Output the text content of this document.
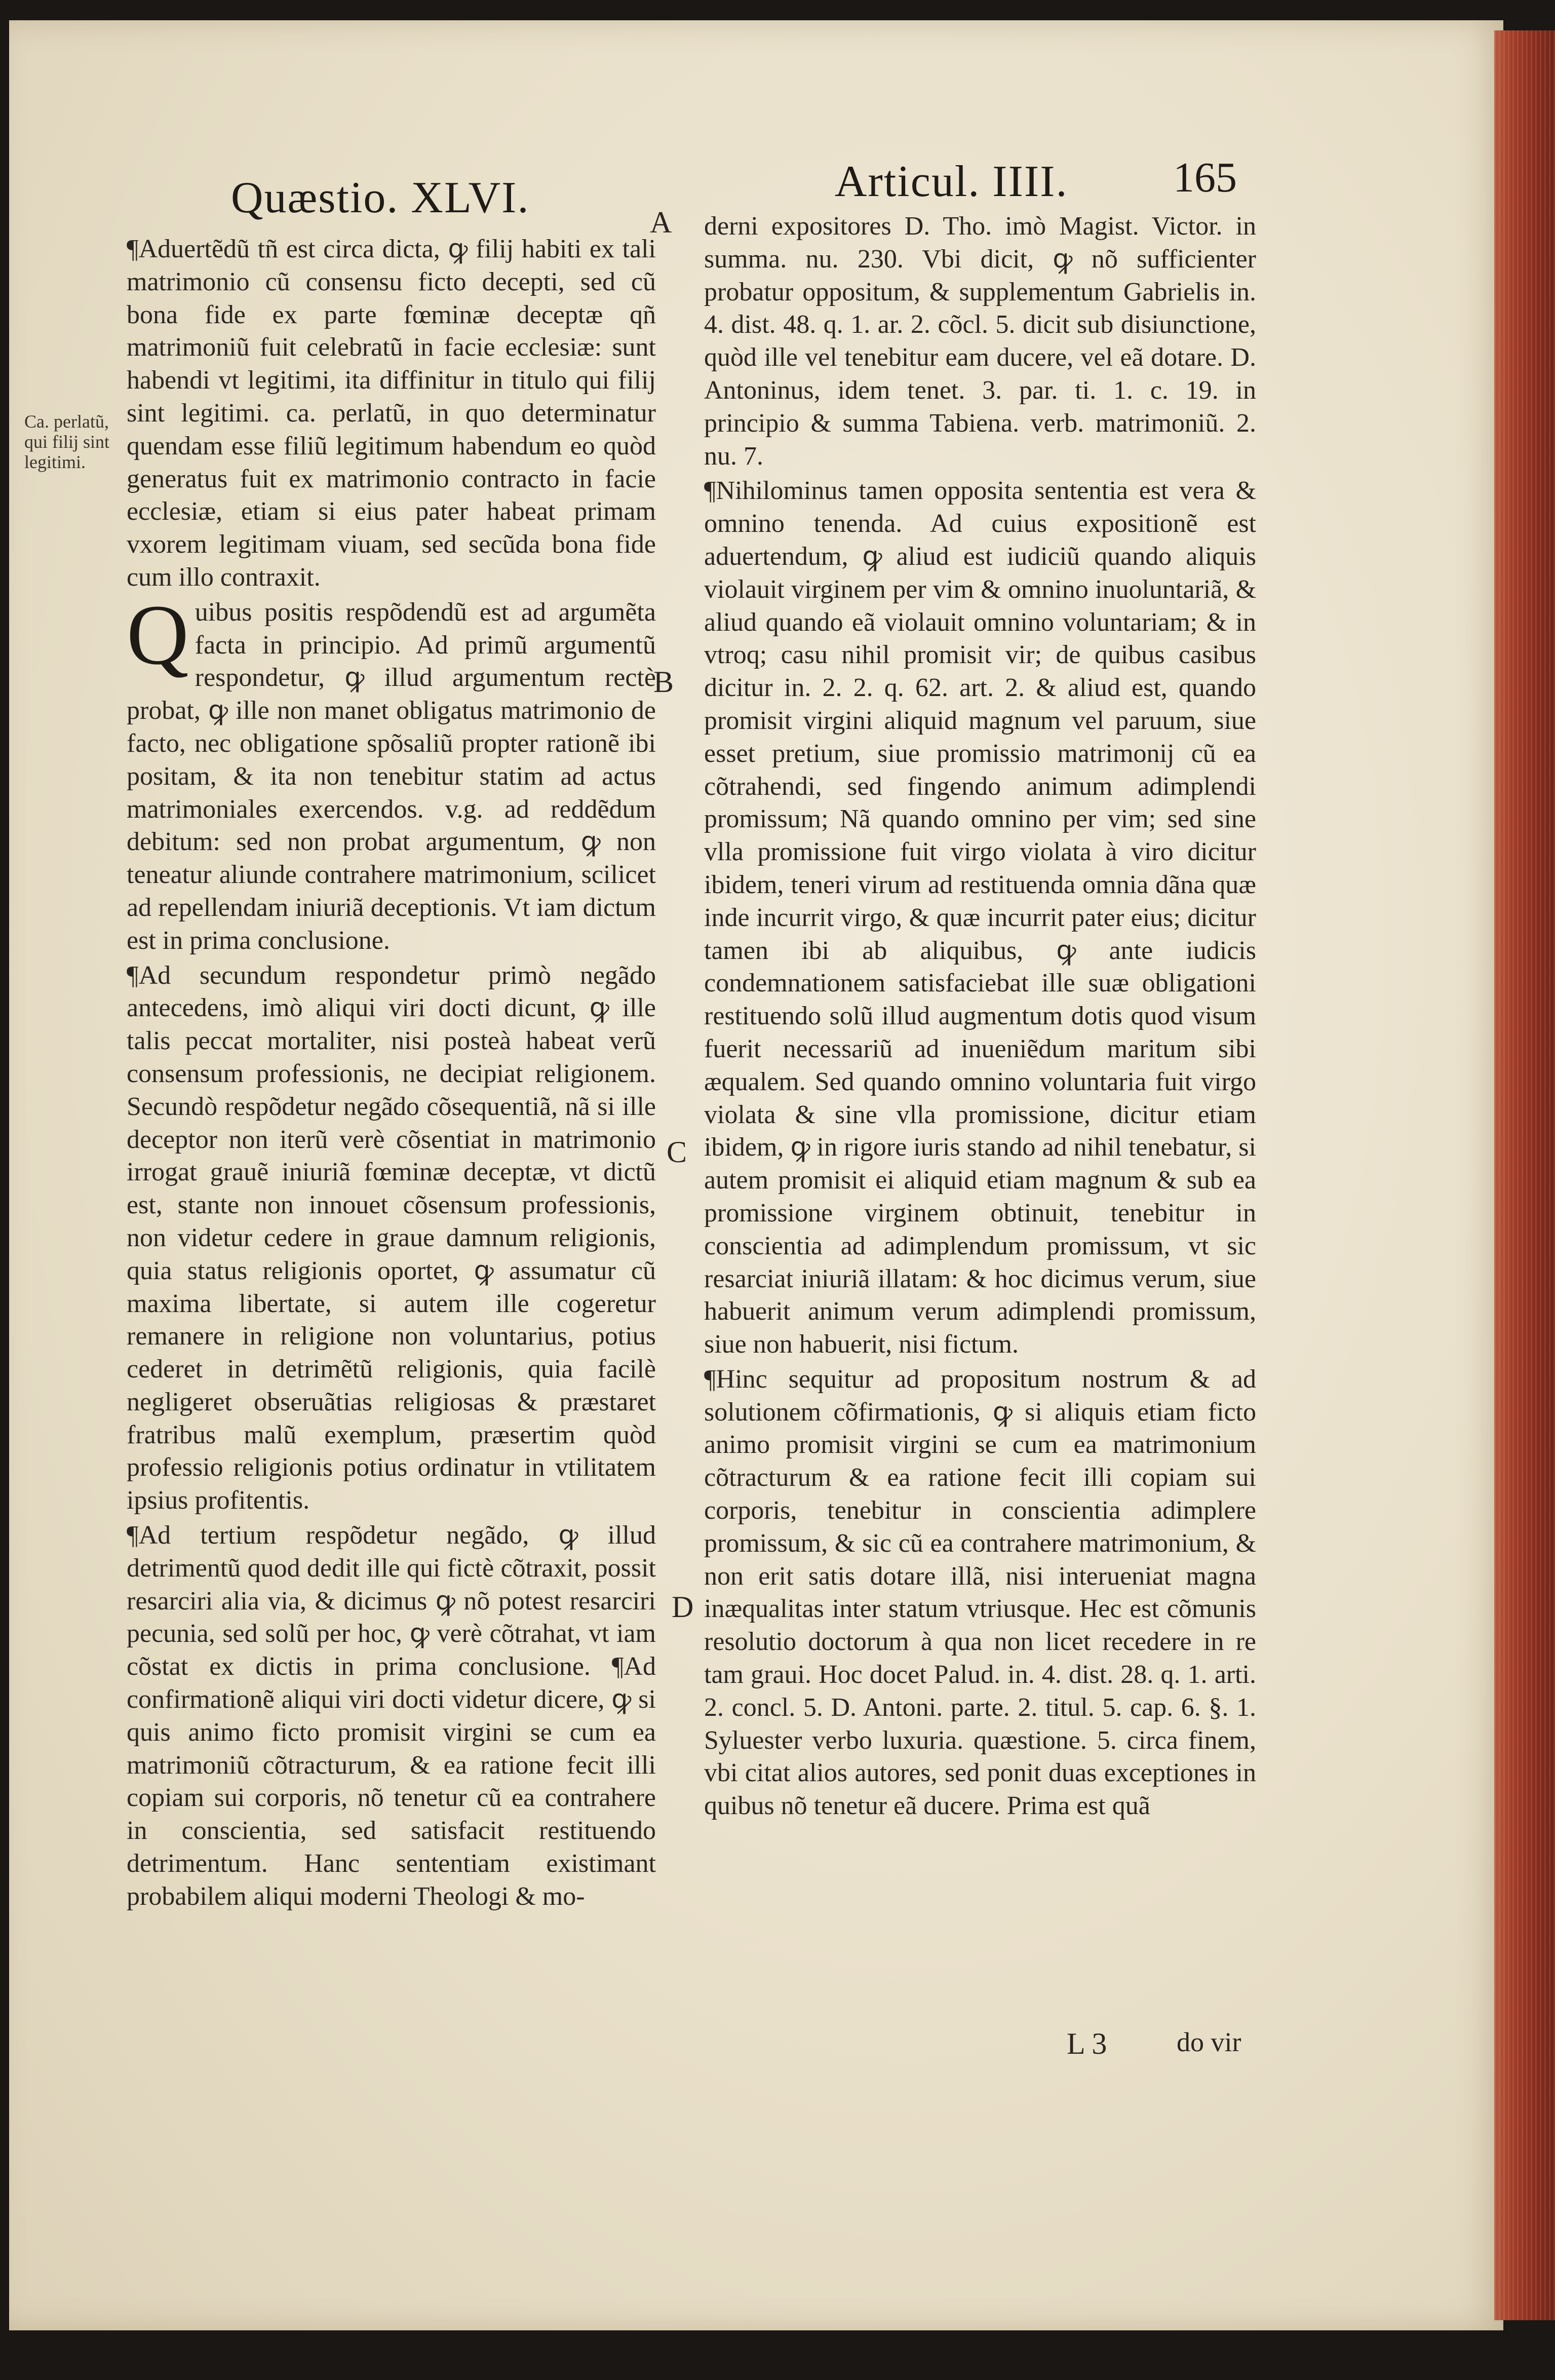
Quæstio. XLVI.	Articul. IIII. 165
Ca. perlatũ, qui filij sint legitimi.
A
B
C
D

¶Aduertẽdũ tñ est circa dicta, ꝙ filij habiti ex tali matrimonio cũ consensu ficto decepti, sed cũ bona fide ex parte fœminæ deceptæ qñ matrimoniũ fuit celebratũ in facie ecclesiæ: sunt habendi vt legitimi, ita diffinitur in titulo qui filij sint legitimi. ca. perlatũ, in quo determinatur quendam esse filiũ legitimum habendum eo quòd generatus fuit ex matrimonio contracto in facie ecclesiæ, etiam si eius pater habeat primam vxorem legitimam viuam, sed secũda bona fide cum illo contraxit.

Quibus positis respõdendũ est ad argumẽta facta in principio. Ad primũ argumentũ respondetur, ꝙ illud argumentum rectè probat, ꝙ ille non manet obligatus matrimonio de facto, nec obligatione spõsaliũ propter rationẽ ibi positam, & ita non tenebitur statim ad actus matrimoniales exercendos. v.g. ad reddẽdum debitum: sed non probat argumentum, ꝙ non teneatur aliunde contrahere matrimonium, scilicet ad repellendam iniuriã deceptionis. Vt iam dictum est in prima conclusione.

¶Ad secundum respondetur primò negãdo antecedens, imò aliqui viri docti dicunt, ꝙ ille talis peccat mortaliter, nisi posteà habeat verũ consensum professionis, ne decipiat religionem. Secundò respõdetur negãdo cõsequentiã, nã si ille deceptor non iterũ verè cõsentiat in matrimonio irrogat grauẽ iniuriã fœminæ deceptæ, vt dictũ est, stante non innouet cõsensum professionis, non videtur cedere in graue damnum religionis, quia status religionis oportet, ꝙ assumatur cũ maxima libertate, si autem ille cogeretur remanere in religione non voluntarius, potius cederet in detrimẽtũ religionis, quia facilè negligeret obseruãtias religiosas & præstaret fratribus malũ exemplum, præsertim quòd professio religionis potius ordinatur in vtilitatem ipsius profitentis.

¶Ad tertium respõdetur negãdo, ꝙ illud detrimentũ quod dedit ille qui fictè cõtraxit, possit resarciri alia via, & dicimus ꝙ nõ potest resarciri pecunia, sed solũ per hoc, ꝙ verè cõtrahat, vt iam cõstat ex dictis in prima conclusione. ¶Ad confirmationẽ aliqui viri docti videtur dicere, ꝙ si quis animo ficto promisit virgini se cum ea matrimoniũ cõtracturum, & ea ratione fecit illi copiam sui corporis, nõ tenetur cũ ea contrahere in conscientia, sed satisfacit restituendo detrimentum. Hanc sententiam existimant probabilem aliqui moderni Theologi & mo-

derni expositores D. Tho. imò Magist. Victor. in summa. nu. 230. Vbi dicit, ꝙ nõ sufficienter probatur oppositum, & supplementum Gabrielis in. 4. dist. 48. q. 1. ar. 2. cõcl. 5. dicit sub disiunctione, quòd ille vel tenebitur eam ducere, vel eã dotare. D. Antoninus, idem tenet. 3. par. ti. 1. c. 19. in principio & summa Tabiena. verb. matrimoniũ. 2. nu. 7.

¶Nihilominus tamen opposita sententia est vera & omnino tenenda. Ad cuius expositionẽ est aduertendum, ꝙ aliud est iudiciũ quando aliquis violauit virginem per vim & omnino inuoluntariã, & aliud quando eã violauit omnino voluntariam; & in vtroq; casu nihil promisit vir; de quibus casibus dicitur in. 2. 2. q. 62. art. 2. & aliud est, quando promisit virgini aliquid magnum vel paruum, siue esset pretium, siue promissio matrimonij cũ ea cõtrahendi, sed fingendo animum adimplendi promissum; Nã quando omnino per vim; sed sine vlla promissione fuit virgo violata à viro dicitur ibidem, teneri virum ad restituenda omnia dãna quæ inde incurrit virgo, & quæ incurrit pater eius; dicitur tamen ibi ab aliquibus, ꝙ ante iudicis condemnationem satisfaciebat ille suæ obligationi restituendo solũ illud augmentum dotis quod visum fuerit necessariũ ad inueniẽdum maritum sibi æqualem. Sed quando omnino voluntaria fuit virgo violata & sine vlla promissione, dicitur etiam ibidem, ꝙ in rigore iuris stando ad nihil tenebatur, si autem promisit ei aliquid etiam magnum & sub ea promissione virginem obtinuit, tenebitur in conscientia ad adimplendum promissum, vt sic resarciat iniuriã illatam: & hoc dicimus verum, siue habuerit animum verum adimplendi promissum, siue non habuerit, nisi fictum.

¶Hinc sequitur ad propositum nostrum & ad solutionem cõfirmationis, ꝙ si aliquis etiam ficto animo promisit virgini se cum ea matrimonium cõtracturum & ea ratione fecit illi copiam sui corporis, tenebitur in conscientia adimplere promissum, & sic cũ ea contrahere matrimonium, & non erit satis dotare illã, nisi interueniat magna inæqualitas inter statum vtriusque. Hec est cõmunis resolutio doctorum à qua non licet recedere in re tam graui. Hoc docet Palud. in. 4. dist. 28. q. 1. arti. 2. concl. 5. D. Antoni. parte. 2. titul. 5. cap. 6. §. 1. Syluester verbo luxuria. quæstione. 5. circa finem, vbi citat alios autores, sed ponit duas exceptiones in quibus nõ tenetur eã ducere. Prima est quã

L 3	do vir
